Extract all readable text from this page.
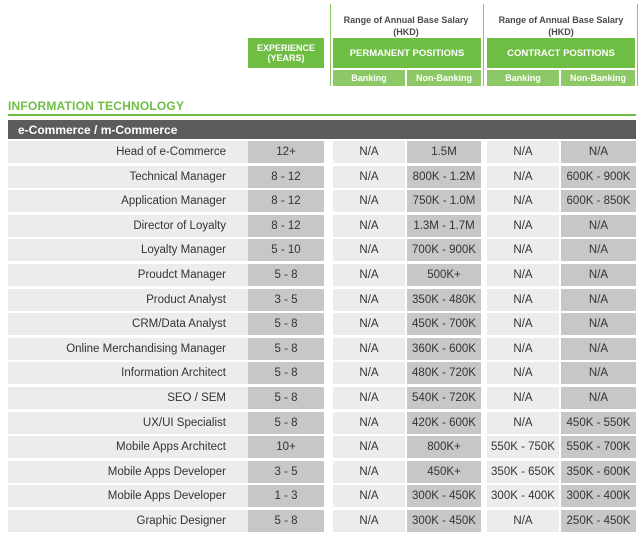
Range of Annual Base Salary
(HKD)
Range of Annual Base Salary
(HKD)
EXPERIENCE (YEARS)	PERMANENT POSITIONS	CONTRACT POSITIONS
Banking	Non-Banking	Banking	Non-Banking
INFORMATION TECHNOLOGY
e-Commerce / m-Commerce
Head of e-Commerce	12+	N/A	1.5M	N/A	N/A
Technical Manager	8 - 12	N/A	800K - 1.2M	N/A	600K - 900K
Application Manager	8 - 12	N/A	750K - 1.0M	N/A	600K - 850K
Director of Loyalty	8 - 12	N/A	1.3M - 1.7M	N/A	N/A
Loyalty Manager	5 - 10	N/A	700K - 900K	N/A	N/A
Proudct Manager	5 - 8	N/A	500K+	N/A	N/A
Product Analyst	3 - 5	N/A	350K - 480K	N/A	N/A
CRM/Data Analyst	5 - 8	N/A	450K - 700K	N/A	N/A
Online Merchandising Manager	5 - 8	N/A	360K - 600K	N/A	N/A
Information Architect	5 - 8	N/A	480K - 720K	N/A	N/A
SEO / SEM	5 - 8	N/A	540K - 720K	N/A	N/A
UX/UI Specialist	5 - 8	N/A	420K - 600K	N/A	450K - 550K
Mobile Apps Architect	10+	N/A	800K+	550K - 750K	550K - 700K
Mobile Apps Developer	3 - 5	N/A	450K+	350K - 650K	350K - 600K
Mobile Apps Developer	1 - 3	N/A	300K - 450K	300K - 400K	300K - 400K
Graphic Designer	5 - 8	N/A	300K - 450K	N/A	250K - 450K
